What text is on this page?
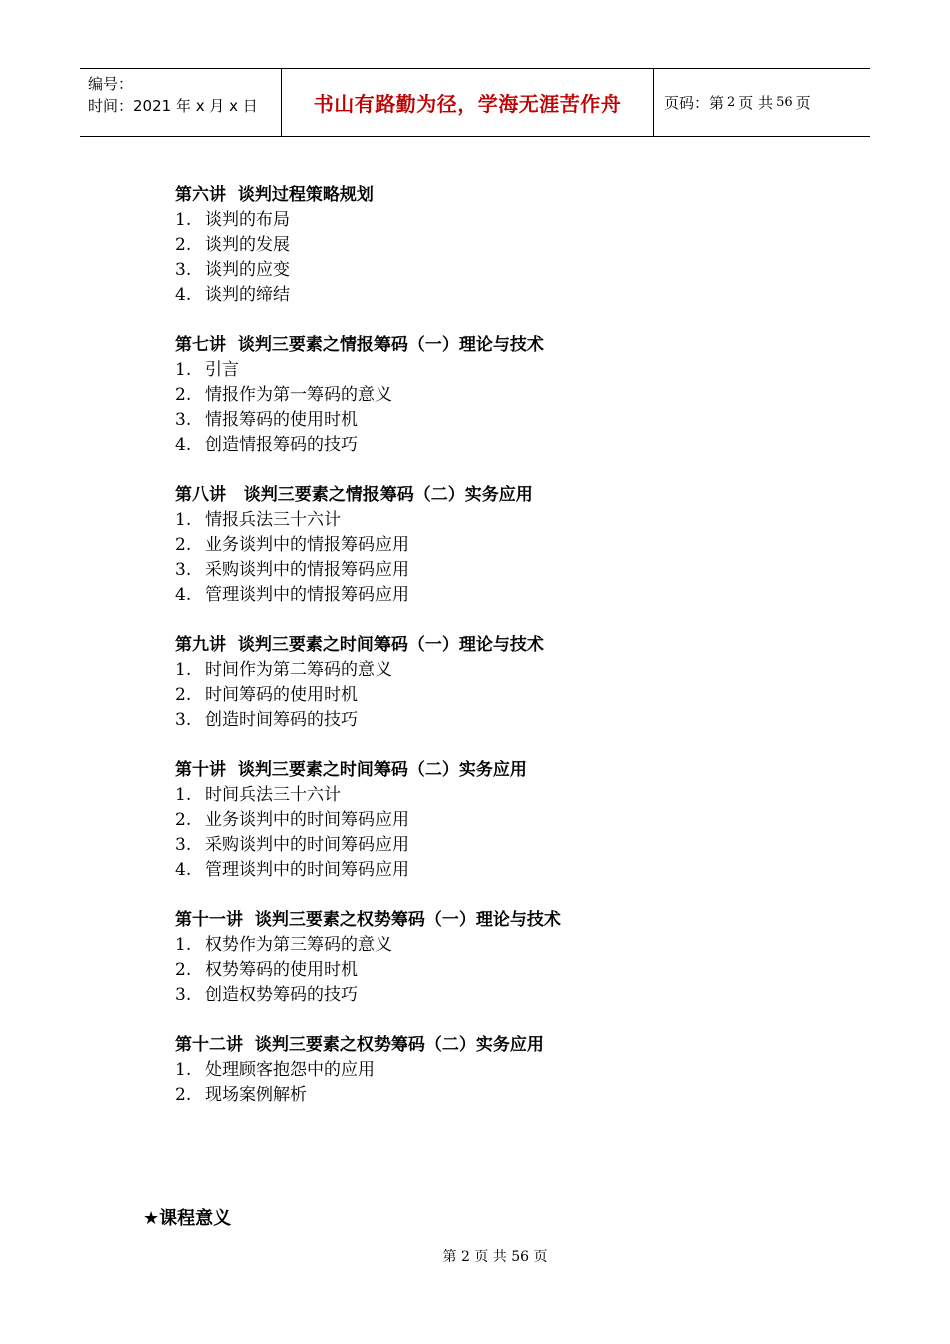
编号：
时间：2021 年 x 月 x 日	书山有路勤为径，学海无涯苦作舟	页码：第 2 页 共 56 页
第六讲  谈判过程策略规划
1. 谈判的布局
2. 谈判的发展
3. 谈判的应变
4. 谈判的缔结
第七讲  谈判三要素之情报筹码（一）理论与技术
1. 引言
2. 情报作为第一筹码的意义
3. 情报筹码的使用时机
4. 创造情报筹码的技巧
第八讲   谈判三要素之情报筹码（二）实务应用
1. 情报兵法三十六计
2. 业务谈判中的情报筹码应用
3. 采购谈判中的情报筹码应用
4. 管理谈判中的情报筹码应用
第九讲  谈判三要素之时间筹码（一）理论与技术
1. 时间作为第二筹码的意义
2. 时间筹码的使用时机
3. 创造时间筹码的技巧
第十讲  谈判三要素之时间筹码（二）实务应用
1. 时间兵法三十六计
2. 业务谈判中的时间筹码应用
3. 采购谈判中的时间筹码应用
4. 管理谈判中的时间筹码应用
第十一讲  谈判三要素之权势筹码（一）理论与技术
1. 权势作为第三筹码的意义
2. 权势筹码的使用时机
3. 创造权势筹码的技巧
第十二讲  谈判三要素之权势筹码（二）实务应用
1. 处理顾客抱怨中的应用
2. 现场案例解析
★课程意义
第 2 页 共 56 页
